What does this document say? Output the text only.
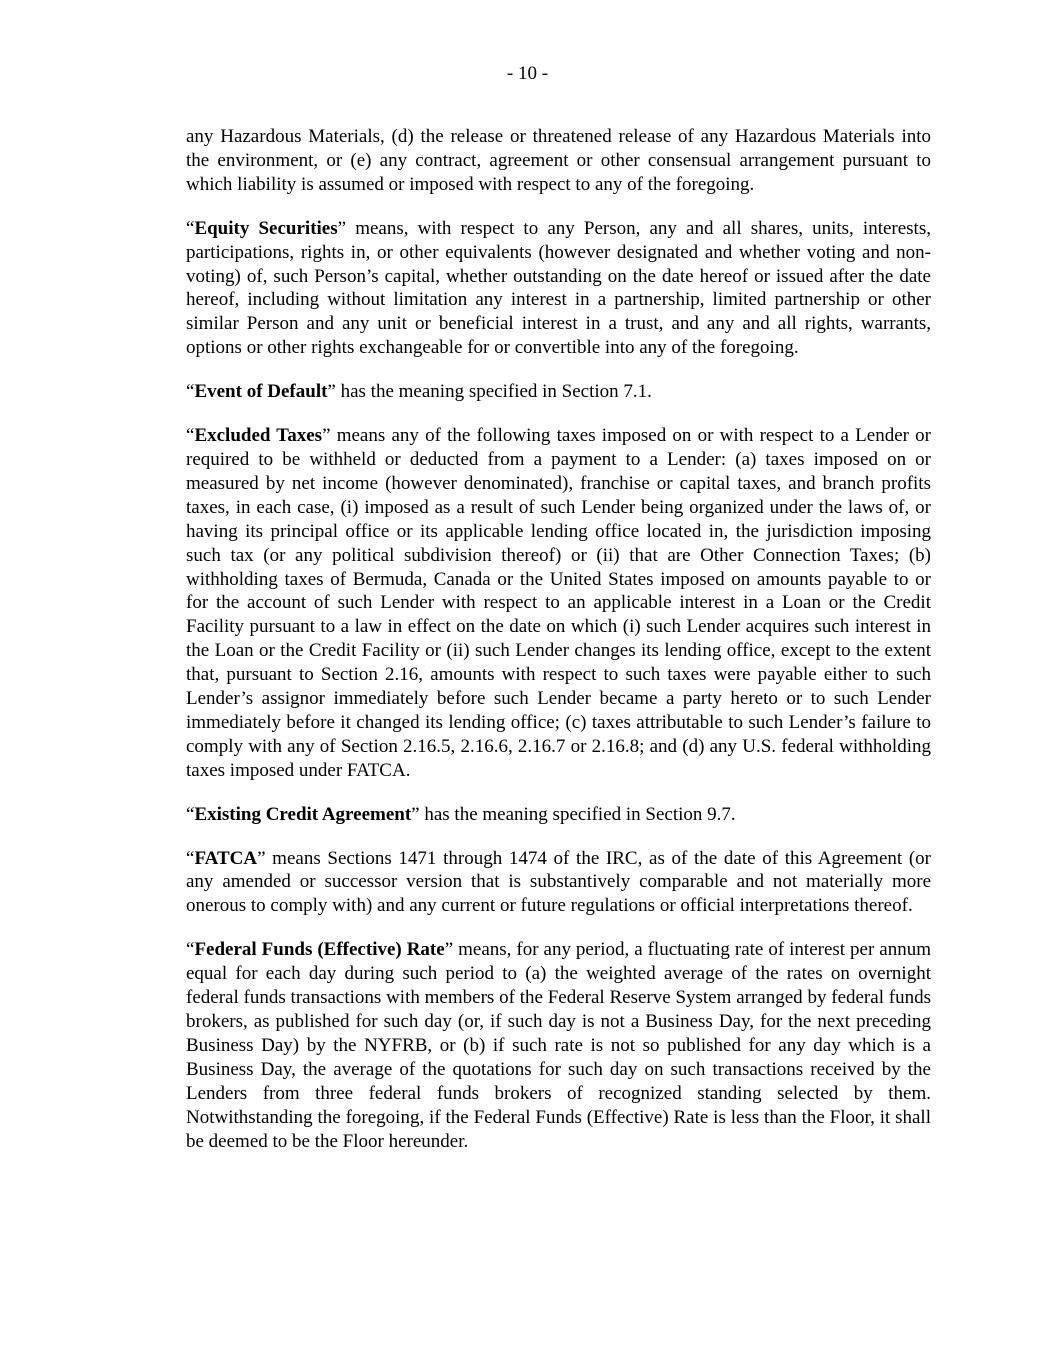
- 10 -

any Hazardous Materials, (d) the release or threatened release of any Hazardous Materials into the environment, or (e) any contract, agreement or other consensual arrangement pursuant to which liability is assumed or imposed with respect to any of the foregoing.

“Equity Securities” means, with respect to any Person, any and all shares, units, interests, participations, rights in, or other equivalents (however designated and whether voting and non-voting) of, such Person’s capital, whether outstanding on the date hereof or issued after the date hereof, including without limitation any interest in a partnership, limited partnership or other similar Person and any unit or beneficial interest in a trust, and any and all rights, warrants, options or other rights exchangeable for or convertible into any of the foregoing.

“Event of Default” has the meaning specified in Section 7.1.

“Excluded Taxes” means any of the following taxes imposed on or with respect to a Lender or required to be withheld or deducted from a payment to a Lender: (a) taxes imposed on or measured by net income (however denominated), franchise or capital taxes, and branch profits taxes, in each case, (i) imposed as a result of such Lender being organized under the laws of, or having its principal office or its applicable lending office located in, the jurisdiction imposing such tax (or any political subdivision thereof) or (ii) that are Other Connection Taxes; (b) withholding taxes of Bermuda, Canada or the United States imposed on amounts payable to or for the account of such Lender with respect to an applicable interest in a Loan or the Credit Facility pursuant to a law in effect on the date on which (i) such Lender acquires such interest in the Loan or the Credit Facility or (ii) such Lender changes its lending office, except to the extent that, pursuant to Section 2.16, amounts with respect to such taxes were payable either to such Lender’s assignor immediately before such Lender became a party hereto or to such Lender immediately before it changed its lending office; (c) taxes attributable to such Lender’s failure to comply with any of Section 2.16.5, 2.16.6, 2.16.7 or 2.16.8; and (d) any U.S. federal withholding taxes imposed under FATCA.

“Existing Credit Agreement” has the meaning specified in Section 9.7.

“FATCA” means Sections 1471 through 1474 of the IRC, as of the date of this Agreement (or any amended or successor version that is substantively comparable and not materially more onerous to comply with) and any current or future regulations or official interpretations thereof.

“Federal Funds (Effective) Rate” means, for any period, a fluctuating rate of interest per annum equal for each day during such period to (a) the weighted average of the rates on overnight federal funds transactions with members of the Federal Reserve System arranged by federal funds brokers, as published for such day (or, if such day is not a Business Day, for the next preceding Business Day) by the NYFRB, or (b) if such rate is not so published for any day which is a Business Day, the average of the quotations for such day on such transactions received by the Lenders from three federal funds brokers of recognized standing selected by them. Notwithstanding the foregoing, if the Federal Funds (Effective) Rate is less than the Floor, it shall be deemed to be the Floor hereunder.
